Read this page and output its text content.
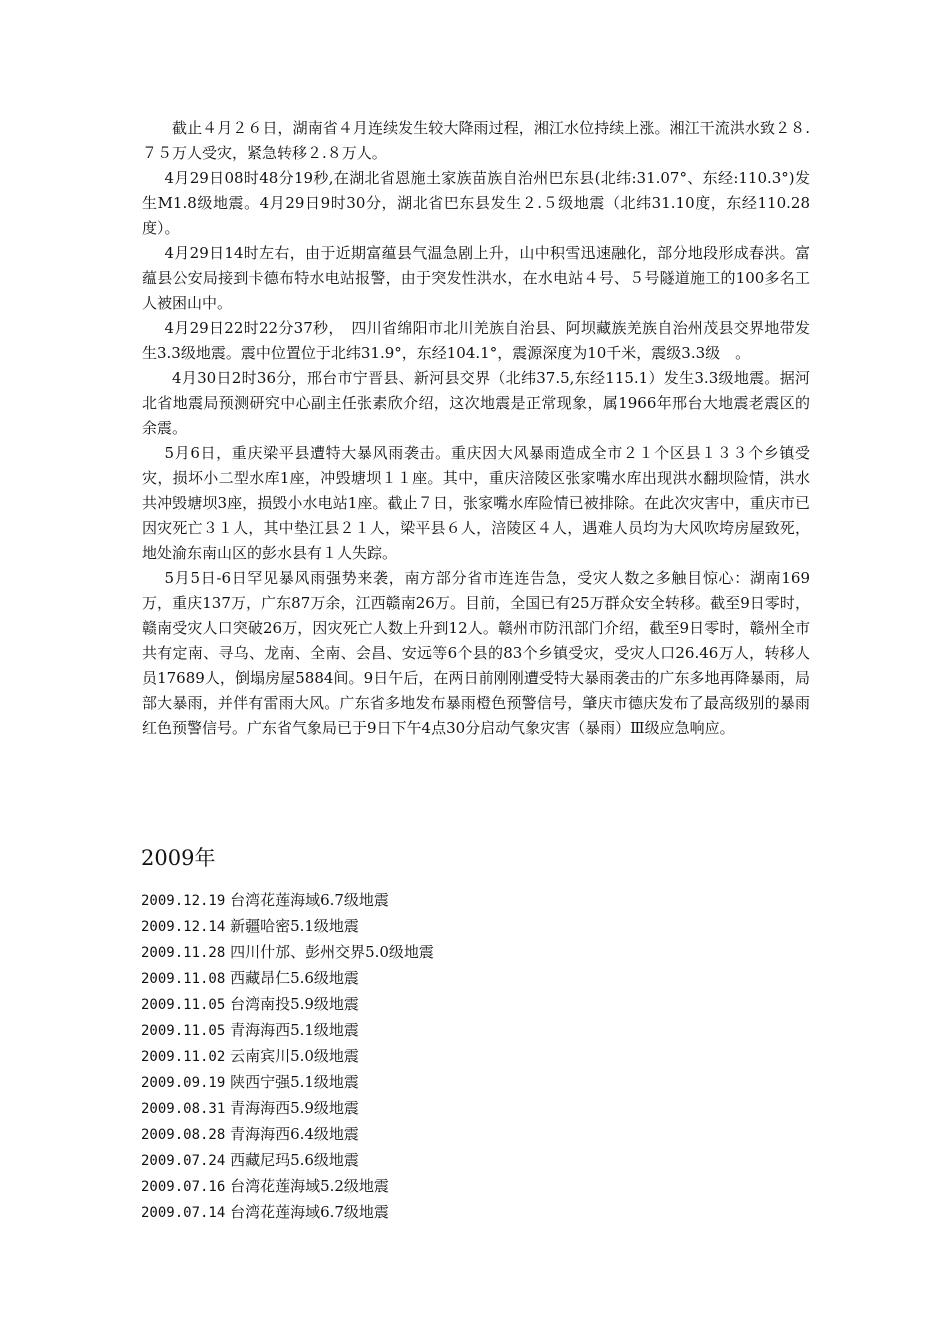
截止４月２６日，湖南省４月连续发生较大降雨过程，湘江水位持续上涨。湘江干流洪水致２８.７５万人受灾，紧急转移２.８万人。

4月29日08时48分19秒,在湖北省恩施土家族苗族自治州巴东县(北纬:31.07°、东经:110.3°)发生M1.8级地震。4月29日9时30分，湖北省巴东县发生２.５级地震（北纬31.10度，东经110.28度）。

4月29日14时左右，由于近期富蕴县气温急剧上升，山中积雪迅速融化，部分地段形成春洪。富蕴县公安局接到卡德布特水电站报警，由于突发性洪水，在水电站４号、５号隧道施工的100多名工人被困山中。

4月29日22时22分37秒，　四川省绵阳市北川羌族自治县、阿坝藏族羌族自治州茂县交界地带发生3.3级地震。震中位置位于北纬31.9°，东经104.1°，震源深度为10千米，震级3.3级　。

4月30日2时36分，邢台市宁晋县、新河县交界（北纬37.5,东经115.1）发生3.3级地震。据河北省地震局预测研究中心副主任张素欣介绍，这次地震是正常现象，属1966年邢台大地震老震区的余震。

5月6日，重庆梁平县遭特大暴风雨袭击。重庆因大风暴雨造成全市２１个区县１３３个乡镇受灾，损坏小二型水库1座，冲毁塘坝１１座。其中，重庆涪陵区张家嘴水库出现洪水翻坝险情，洪水共冲毁塘坝3座，损毁小水电站1座。截止７日，张家嘴水库险情已被排除。在此次灾害中，重庆市已因灾死亡３１人，其中垫江县２１人，梁平县６人，涪陵区４人，遇难人员均为大风吹垮房屋致死，地处渝东南山区的彭水县有１人失踪。

5月5日-6日罕见暴风雨强势来袭，南方部分省市连连告急，受灾人数之多触目惊心：湖南169万，重庆137万，广东87万余，江西赣南26万。目前，全国已有25万群众安全转移。截至9日零时，赣南受灾人口突破26万，因灾死亡人数上升到12人。赣州市防汛部门介绍，截至9日零时，赣州全市共有定南、寻乌、龙南、全南、会昌、安远等6个县的83个乡镇受灾，受灾人口26.46万人，转移人员17689人，倒塌房屋5884间。9日午后，在两日前刚刚遭受特大暴雨袭击的广东多地再降暴雨，局部大暴雨，并伴有雷雨大风。广东省多地发布暴雨橙色预警信号，肇庆市德庆发布了最高级别的暴雨红色预警信号。广东省气象局已于9日下午4点30分启动气象灾害（暴雨）Ⅲ级应急响应。

2009年
2009.12.19 台湾花莲海域6.7级地震
2009.12.14 新疆哈密5.1级地震
2009.11.28 四川什邡、彭州交界5.0级地震
2009.11.08 西藏昂仁5.6级地震
2009.11.05 台湾南投5.9级地震
2009.11.05 青海海西5.1级地震
2009.11.02 云南宾川5.0级地震
2009.09.19 陕西宁强5.1级地震
2009.08.31 青海海西5.9级地震
2009.08.28 青海海西6.4级地震
2009.07.24 西藏尼玛5.6级地震
2009.07.16 台湾花莲海域5.2级地震
2009.07.14 台湾花莲海域6.7级地震
